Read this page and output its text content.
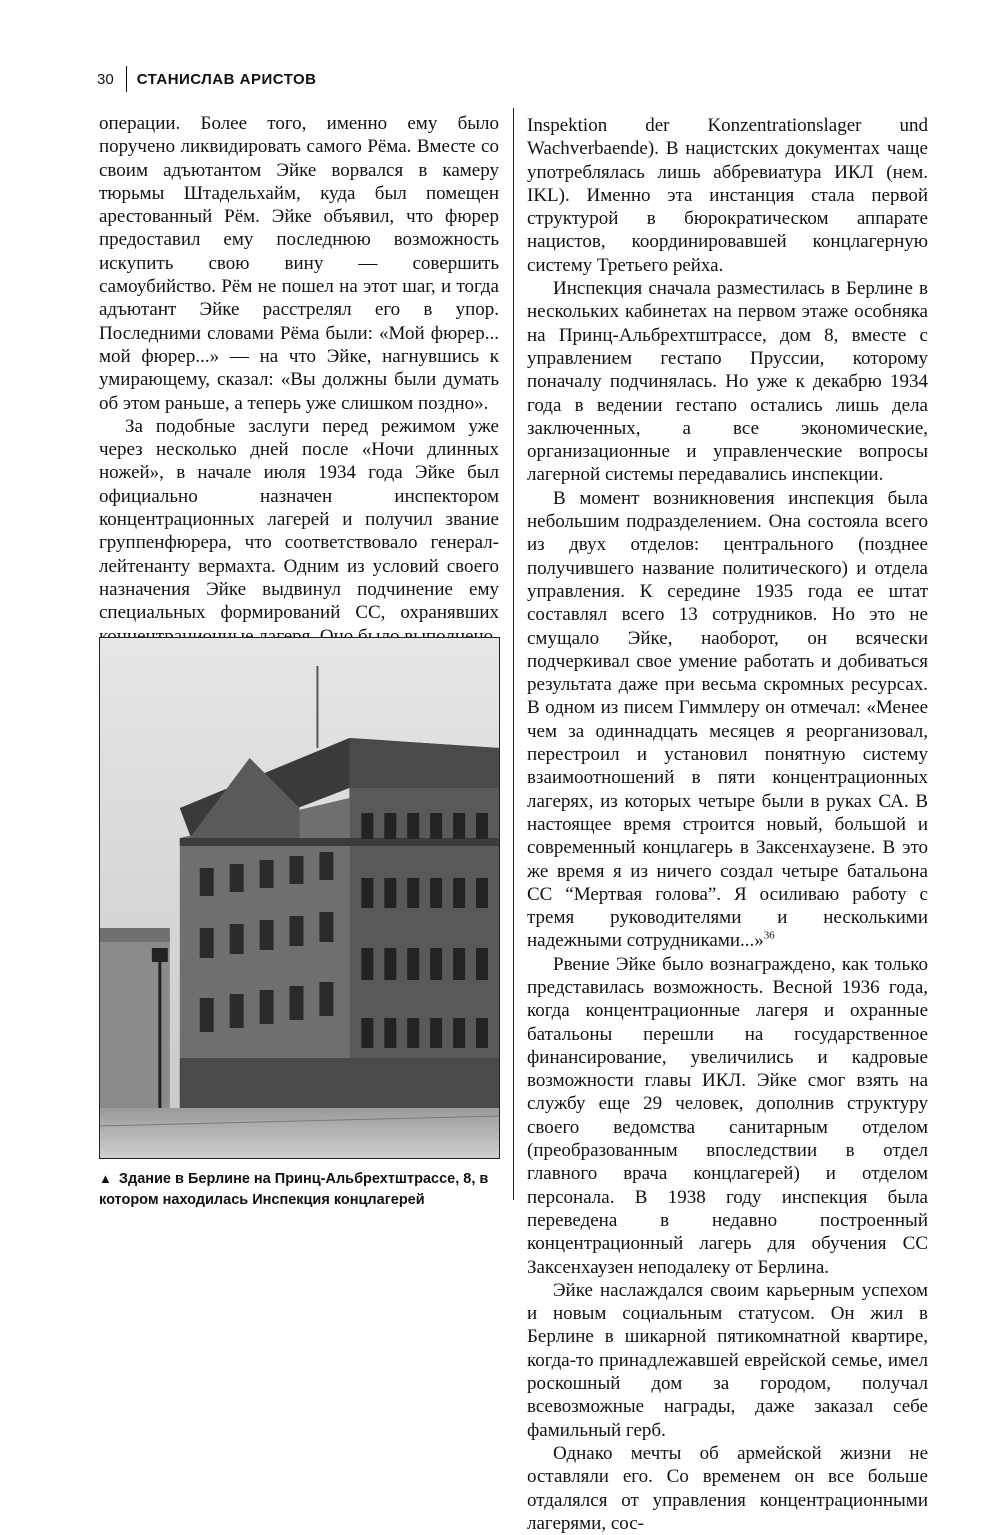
30	СТАНИСЛАВ АРИСТОВ

операции. Более того, именно ему было поручено ликвидировать самого Рёма. Вместе со своим адъютантом Эйке ворвался в камеру тюрьмы Штадельхайм, куда был помещен арестованный Рём. Эйке объявил, что фюрер предоставил ему последнюю возможность искупить свою вину — совершить самоубийство. Рём не пошел на этот шаг, и тогда адъютант Эйке расстрелял его в упор. Последними словами Рёма были: «Мой фюрер... мой фюрер...» — на что Эйке, нагнувшись к умирающему, сказал: «Вы должны были думать об этом раньше, а теперь уже слишком поздно».

За подобные заслуги перед режимом уже через несколько дней после «Ночи длинных ножей», в начале июля 1934 года Эйке был официально назначен инспектором концентрационных лагерей и получил звание группенфюрера, что соответствовало генерал-лейтенанту вермахта. Одним из условий своего назначения Эйке выдвинул подчинение ему специальных формирований СС, охранявших

▲ Здание в Берлине на Принц-Альбрехтштрассе, 8, в котором находилась Инспекция концлагерей

Inspektion der Konzentrationslager und Wachverbaende). В нацистских документах чаще употреблялась лишь аббревиатура ИКЛ (нем. IKL). Именно эта инстанция стала первой структурой в бюрократическом аппарате нацистов, координировавшей концлагерную систему Третьего рейха.

Инспекция сначала разместилась в Берлине в нескольких кабинетах на первом этаже особняка на Принц-Альбрехтштрассе, дом 8, вместе с управлением гестапо Пруссии, которому поначалу подчинялась. Но уже к декабрю 1934 года в ведении гестапо остались лишь дела заключенных, а все экономические, организационные и управленческие вопросы лагерной системы передавались инспекции.

В момент возникновения инспекция была небольшим подразделением. Она состояла всего из двух отделов: центрального (позднее получившего название политического) и отдела управления. К середине 1935 года ее штат составлял всего 13 сотрудников. Но это не смущало Эйке, наоборот, он всячески подчеркивал свое умение работать и добиваться результата даже при весьма скромных ресурсах. В одном из писем Гиммлеру он отмечал: «Менее чем за одиннадцать месяцев я реорганизовал, перестроил и установил понятную систему взаимоотношений в пяти концентрационных лагерях, из которых четыре были в руках СА. В настоящее время строится новый, большой и современный концлагерь в Заксенхаузене. В это же время я из ничего создал четыре батальона СС “Мертвая голова”. Я осиливаю работу с тремя руководителями и несколькими надежными сотрудниками...»$^{36}$

Рвение Эйке было вознаграждено, как только представилась возможность. Весной 1936 года, когда концентрационные лагеря и охранные батальоны перешли на государственное финансирование, увеличились и кадровые возможности главы ИКЛ. Эйке смог взять на службу еще 29 человек, дополнив структуру своего ведомства санитарным отделом (преобразованным впоследствии в отдел главного врача концлагерей) и отделом персонала. В 1938 году инспекция была переведена в недавно построенный концентрационный лагерь для обучения СС Заксенхаузен неподалеку от Берлина.

Эйке наслаждался своим карьерным успехом и новым социальным статусом. Он жил в Берлине в шикарной пятикомнатной квартире, когда-то принадлежавшей еврейской семье, имел роскошный дом за городом, получал всевозможные награды, даже заказал себе фамильный герб.

Однако мечты об армейской жизни не оставляли его. Со временем он все больше отдалялся от управления концентрационными лагерями, сос-
